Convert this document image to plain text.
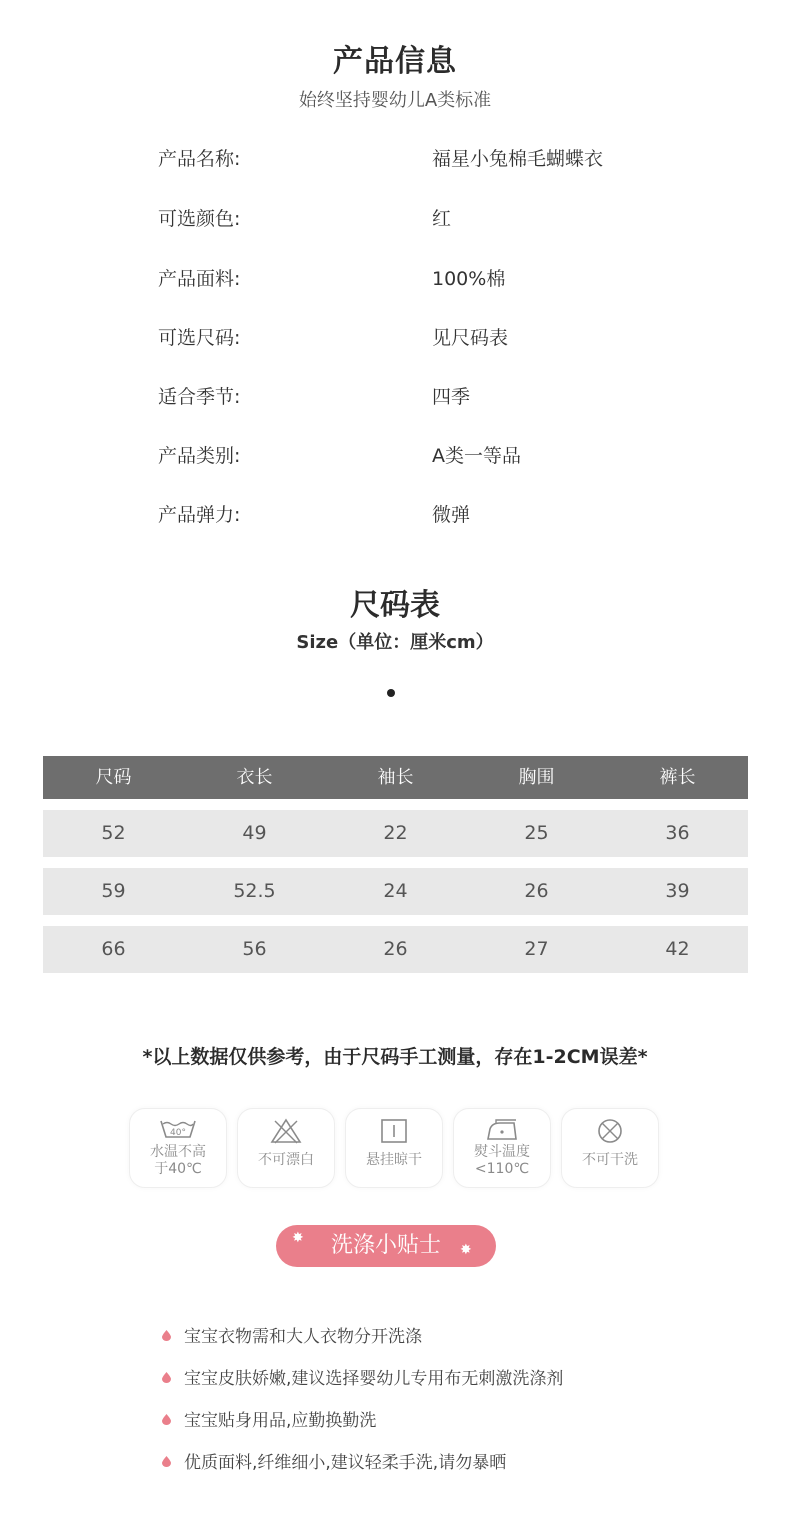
产品信息
始终坚持婴幼儿A类标准
产品名称:	福星小兔棉毛蝴蝶衣
可选颜色:	红
产品面料:	100%棉
可选尺码:	见尺码表
适合季节:	四季
产品类别:	A类一等品
产品弹力:	微弹
尺码表
Size（单位：厘米cm）
尺码	衣长	袖长	胸围	裤长
52	49	22	25	36
59	52.5	24	26	39
66	56	26	27	42
*以上数据仅供参考，由于尺码手工测量，存在1-2CM误差*
40°
水温不高
于40℃
不可漂白	悬挂晾干	熨斗温度
<110℃
不可干洗
✸ 洗涤小贴士 ✸
宝宝衣物需和大人衣物分开洗涤
宝宝皮肤娇嫩,建议选择婴幼儿专用布无刺激洗涤剂
宝宝贴身用品,应勤换勤洗
优质面料,纤维细小,建议轻柔手洗,请勿暴晒
